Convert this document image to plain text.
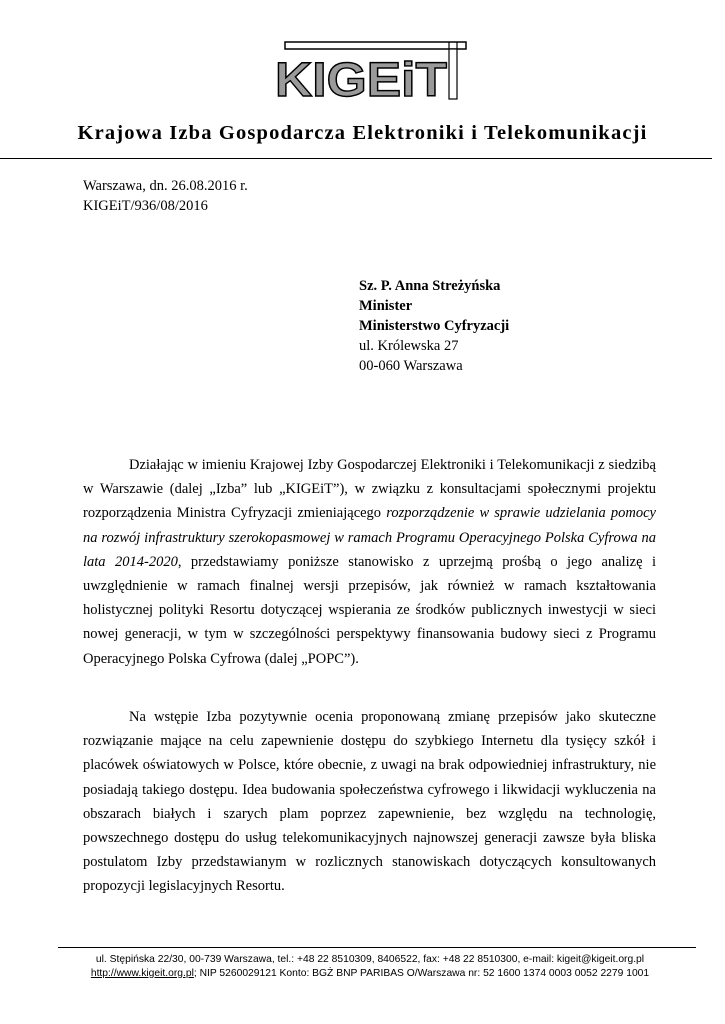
KIGEiT
Krajowa Izba Gospodarcza Elektroniki i Telekomunikacji
Warszawa, dn. 26.08.2016 r.
KIGEiT/936/08/2016
Sz. P. Anna Streżyńska
Minister
Ministerstwo Cyfryzacji
ul. Królewska 27
00-060 Warszawa

Działając w imieniu Krajowej Izby Gospodarczej Elektroniki i Telekomunikacji z siedzibą w Warszawie (dalej „Izba” lub „KIGEiT”), w związku z konsultacjami społecznymi projektu rozporządzenia Ministra Cyfryzacji zmieniającego rozporządzenie w sprawie udzielania pomocy na rozwój infrastruktury szerokopasmowej w ramach Programu Operacyjnego Polska Cyfrowa na lata 2014-2020, przedstawiamy poniższe stanowisko z uprzejmą prośbą o jego analizę i uwzględnienie w ramach finalnej wersji przepisów, jak również w ramach kształtowania holistycznej polityki Resortu dotyczącej wspierania ze środków publicznych inwestycji w sieci nowej generacji, w tym w szczególności perspektywy finansowania budowy sieci z Programu Operacyjnego Polska Cyfrowa (dalej „POPC”).

Na wstępie Izba pozytywnie ocenia proponowaną zmianę przepisów jako skuteczne rozwiązanie mające na celu zapewnienie dostępu do szybkiego Internetu dla tysięcy szkół i placówek oświatowych w Polsce, które obecnie, z uwagi na brak odpowiedniej infrastruktury, nie posiadają takiego dostępu. Idea budowania społeczeństwa cyfrowego i likwidacji wykluczenia na obszarach białych i szarych plam poprzez zapewnienie, bez względu na technologię, powszechnego dostępu do usług telekomunikacyjnych najnowszej generacji zawsze była bliska postulatom Izby przedstawianym w rozlicznych stanowiskach dotyczących konsultowanych propozycji legislacyjnych Resortu.

ul. Stępińska 22/30, 00-739 Warszawa, tel.: +48 22 8510309, 8406522, fax: +48 22 8510300, e-mail: kigeit@kigeit.org.pl
http://www.kigeit.org.pl; NIP 5260029121 Konto: BGŻ BNP PARIBAS O/Warszawa nr: 52 1600 1374 0003 0052 2279 1001
